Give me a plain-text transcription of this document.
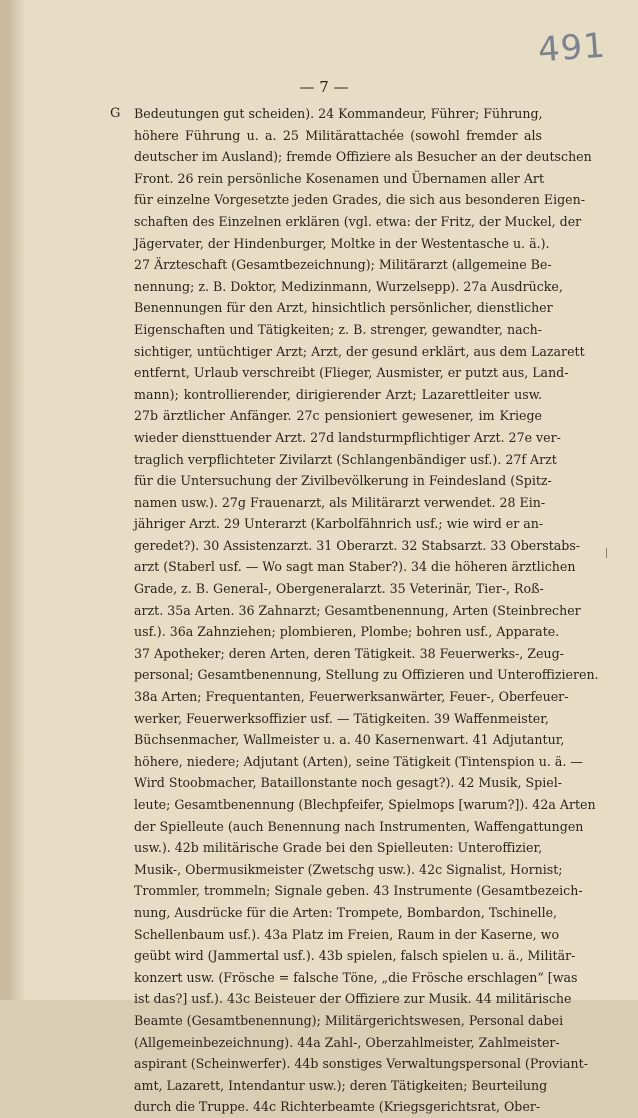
491
— 7 —
G Bedeutungen gut scheiden). 24 Kommandeur, Führer; Führung,
höhere Führung u. a. 25 Militärattachée (sowohl fremder als
deutscher im Ausland); fremde Offiziere als Besucher an der deutschen
Front. 26 rein persönliche Kosenamen und Übernamen aller Art
für einzelne Vorgesetzte jeden Grades, die sich aus besonderen Eigen-
schaften des Einzelnen erklären (vgl. etwa: der Fritz, der Muckel, der
Jägervater, der Hindenburger, Moltke in der Westentasche u. ä.).
27 Ärzteschaft (Gesamtbezeichnung); Militärarzt (allgemeine Be-
nennung; z. B. Doktor, Medizinmann, Wurzelsepp). 27a Ausdrücke,
Benennungen für den Arzt, hinsichtlich persönlicher, dienstlicher
Eigenschaften und Tätigkeiten; z. B. strenger, gewandter, nach-
sichtiger, untüchtiger Arzt; Arzt, der gesund erklärt, aus dem Lazarett
entfernt, Urlaub verschreibt (Flieger, Ausmister, er putzt aus, Land-
mann); kontrollierender, dirigierender Arzt; Lazarettleiter usw.
27b ärztlicher Anfänger. 27c pensioniert gewesener, im Kriege
wieder diensttuender Arzt. 27d landsturmpflichtiger Arzt. 27e ver-
traglich verpflichteter Zivilarzt (Schlangenbändiger usf.). 27f Arzt
für die Untersuchung der Zivilbevölkerung in Feindesland (Spitz-
namen usw.). 27g Frauenarzt, als Militärarzt verwendet. 28 Ein-
jähriger Arzt. 29 Unterarzt (Karbolfähnrich usf.; wie wird er an-
geredet?). 30 Assistenzarzt. 31 Oberarzt. 32 Stabsarzt. 33 Oberstabs-
arzt (Staberl usf. — Wo sagt man Staber?). 34 die höheren ärztlichen
Grade, z. B. General-, Obergeneralarzt. 35 Veterinär, Tier-, Roß-
arzt. 35a Arten. 36 Zahnarzt; Gesamtbenennung, Arten (Steinbrecher
usf.). 36a Zahnziehen; plombieren, Plombe; bohren usf., Apparate.
37 Apotheker; deren Arten, deren Tätigkeit. 38 Feuerwerks-, Zeug-
personal; Gesamtbenennung, Stellung zu Offizieren und Unteroffizieren.
38a Arten; Frequentanten, Feuerwerksanwärter, Feuer-, Oberfeuer-
werker, Feuerwerksoffizier usf. — Tätigkeiten. 39 Waffenmeister,
Büchsenmacher, Wallmeister u. a. 40 Kasernenwart. 41 Adjutantur,
höhere, niedere; Adjutant (Arten), seine Tätigkeit (Tintenspion u. ä. —
Wird Stoobmacher, Bataillonstante noch gesagt?). 42 Musik, Spiel-
leute; Gesamtbenennung (Blechpfeifer, Spielmops [warum?]). 42a Arten
der Spielleute (auch Benennung nach Instrumenten, Waffengattungen
usw.). 42b militärische Grade bei den Spielleuten: Unteroffizier,
Musik-, Obermusikmeister (Zwetschg usw.). 42c Signalist, Hornist;
Trommler, trommeln; Signale geben. 43 Instrumente (Gesamtbezeich-
nung, Ausdrücke für die Arten: Trompete, Bombardon, Tschinelle,
Schellenbaum usf.). 43a Platz im Freien, Raum in der Kaserne, wo
geübt wird (Jammertal usf.). 43b spielen, falsch spielen u. ä., Militär-
konzert usw. (Frösche = falsche Töne, „die Frösche erschlagen“ [was
ist das?] usf.). 43c Beisteuer der Offiziere zur Musik. 44 militärische
Beamte (Gesamtbenennung); Militärgerichtswesen, Personal dabei
(Allgemeinbezeichnung). 44a Zahl-, Oberzahlmeister, Zahlmeister-
aspirant (Scheinwerfer). 44b sonstiges Verwaltungspersonal (Proviant-
amt, Lazarett, Intendantur usw.); deren Tätigkeiten; Beurteilung
durch die Truppe. 44c Richterbeamte (Kriegsgerichtsrat, Ober-
